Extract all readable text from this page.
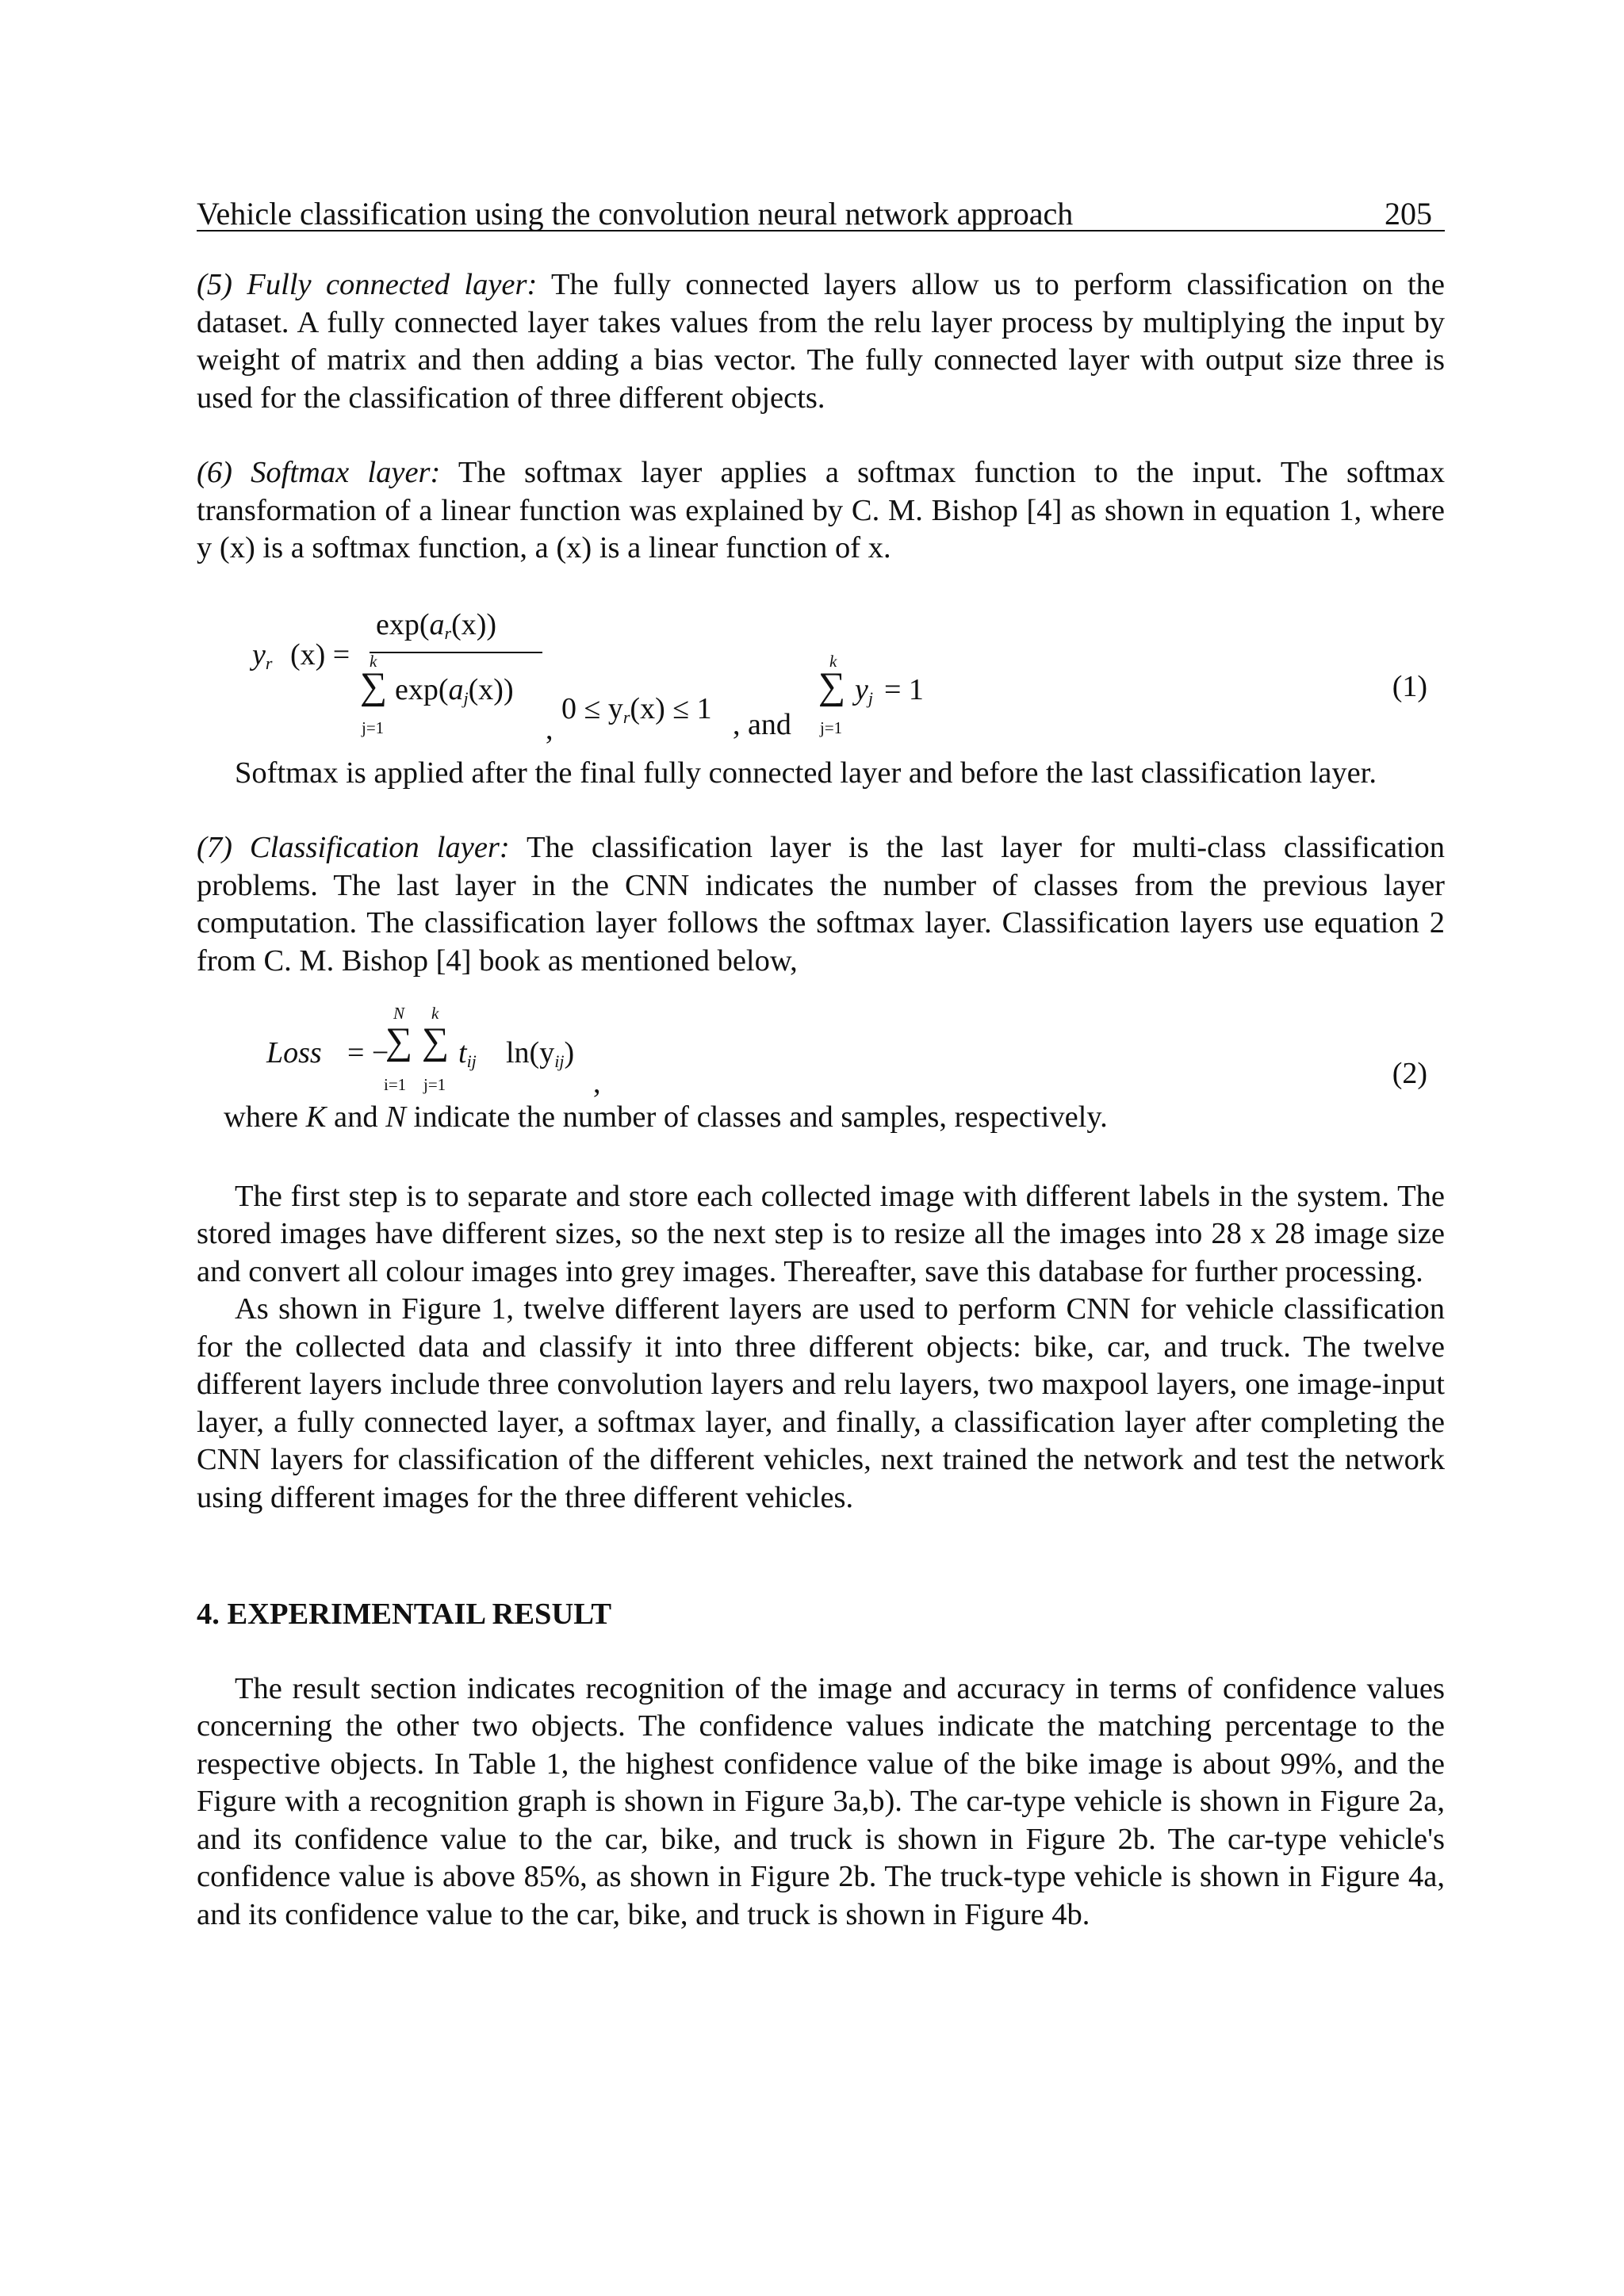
Vehicle classification using the convolution neural network approach	205

(5) Fully connected layer: The fully connected layers allow us to perform classification on the dataset. A fully connected layer takes values from the relu layer process by multiplying the input by weight of matrix and then adding a bias vector. The fully connected layer with output size three is used for the classification of three different objects.

(6) Softmax layer: The softmax layer applies a softmax function to the input. The softmax transformation of a linear function was explained by C. M. Bishop [4] as shown in equation 1, where y (x) is a softmax function, a (x) is a linear function of x.

$y_r$ (x) =
$\exp(a_r(x))$
k
∑
j=1
$\exp(a_j(x))$
,
$0 \le y_r(x) \le 1$ , and
k
∑
j=1
$y_j = 1$	(1)
Softmax is applied after the final fully connected layer and before the last classification layer.

(7) Classification layer: The classification layer is the last layer for multi-class classification problems. The last layer in the CNN indicates the number of classes from the previous layer computation. The classification layer follows the softmax layer. Classification layers use equation 2 from C. M. Bishop [4] book as mentioned below,

Loss = −
N
∑
i=1
k
∑
j=1
$t_{ij}$ $\ln(y_{ij})$
,	(2)
where K and N indicate the number of classes and samples, respectively.

The first step is to separate and store each collected image with different labels in the system. The stored images have different sizes, so the next step is to resize all the images into 28 x 28 image size and convert all colour images into grey images. Thereafter, save this database for further processing.

As shown in Figure 1, twelve different layers are used to perform CNN for vehicle classification for the collected data and classify it into three different objects: bike, car, and truck. The twelve different layers include three convolution layers and relu layers, two maxpool layers, one image-input layer, a fully connected layer, a softmax layer, and finally, a classification layer after completing the CNN layers for classification of the different vehicles, next trained the network and test the network using different images for the three different vehicles.

4. EXPERIMENTAIL RESULT

The result section indicates recognition of the image and accuracy in terms of confidence values concerning the other two objects. The confidence values indicate the matching percentage to the respective objects. In Table 1, the highest confidence value of the bike image is about 99%, and the Figure with a recognition graph is shown in Figure 3a,b). The car-type vehicle is shown in Figure 2a, and its confidence value to the car, bike, and truck is shown in Figure 2b. The car-type vehicle's confidence value is above 85%, as shown in Figure 2b. The truck-type vehicle is shown in Figure 4a, and its confidence value to the car, bike, and truck is shown in Figure 4b.
